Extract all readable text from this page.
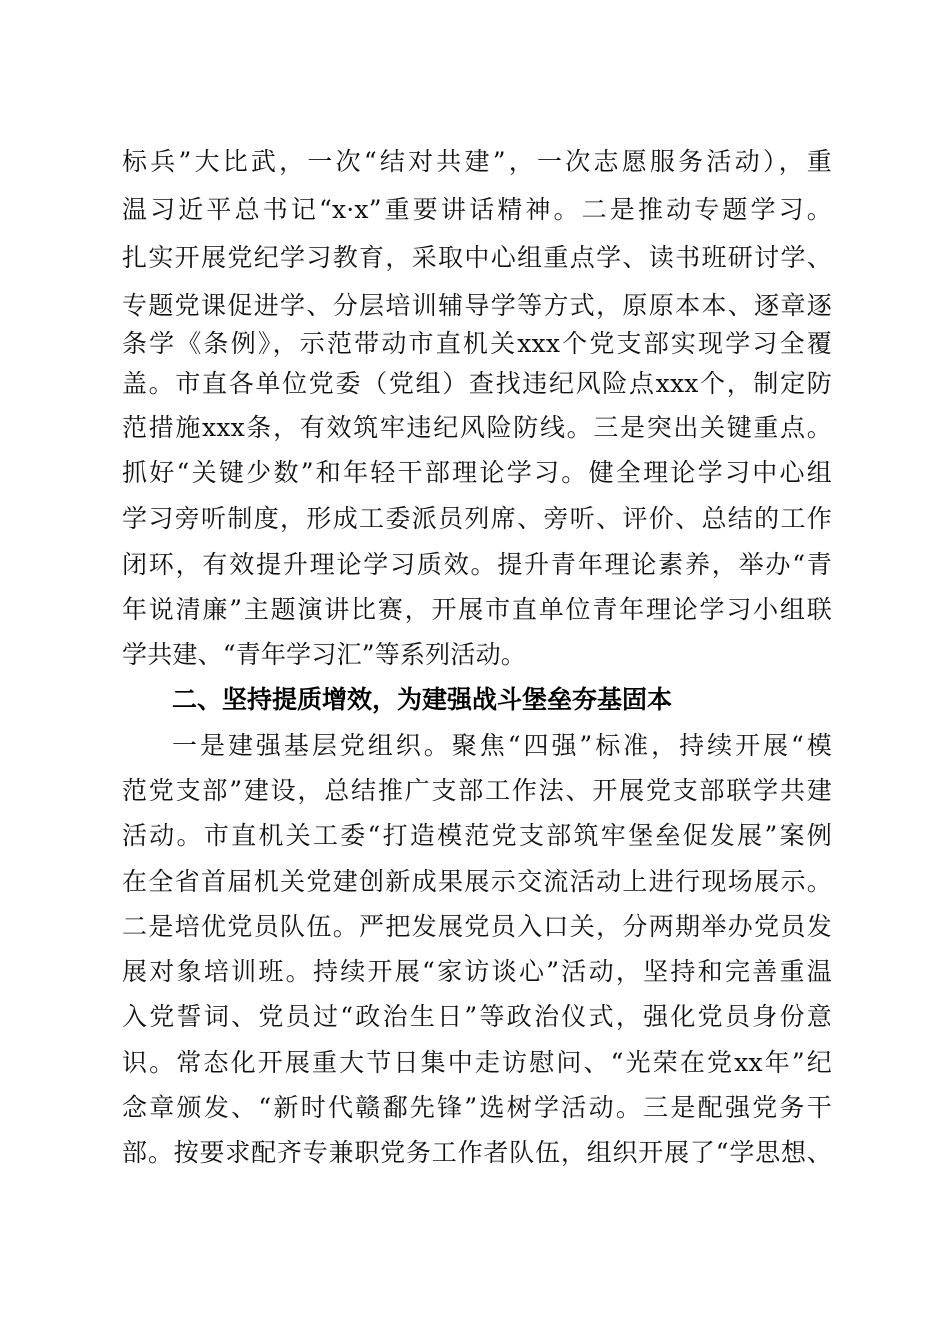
标兵”大比武，一次“结对共建”，一次志愿服务活动），重
温习近平总书记“x·x”重要讲话精神。二是推动专题学习。
扎实开展党纪学习教育，采取中心组重点学、读书班研讨学、
专题党课促进学、分层培训辅导学等方式，原原本本、逐章逐
条学《条例》，示范带动市直机关xxx个党支部实现学习全覆
盖。市直各单位党委（党组）查找违纪风险点xxx个，制定防
范措施xxx条，有效筑牢违纪风险防线。三是突出关键重点。
抓好“关键少数”和年轻干部理论学习。健全理论学习中心组
学习旁听制度，形成工委派员列席、旁听、评价、总结的工作
闭环，有效提升理论学习质效。提升青年理论素养，举办“青
年说清廉”主题演讲比赛，开展市直单位青年理论学习小组联
学共建、“青年学习汇”等系列活动。
二、坚持提质增效，为建强战斗堡垒夯基固本
一是建强基层党组织。聚焦“四强”标准，持续开展“模
范党支部”建设，总结推广支部工作法、开展党支部联学共建
活动。市直机关工委“打造模范党支部筑牢堡垒促发展”案例
在全省首届机关党建创新成果展示交流活动上进行现场展示。
二是培优党员队伍。严把发展党员入口关，分两期举办党员发
展对象培训班。持续开展“家访谈心”活动，坚持和完善重温
入党誓词、党员过“政治生日”等政治仪式，强化党员身份意
识。常态化开展重大节日集中走访慰问、“光荣在党xx年”纪
念章颁发、“新时代赣鄱先锋”选树学活动。三是配强党务干
部。按要求配齐专兼职党务工作者队伍，组织开展了“学思想、
